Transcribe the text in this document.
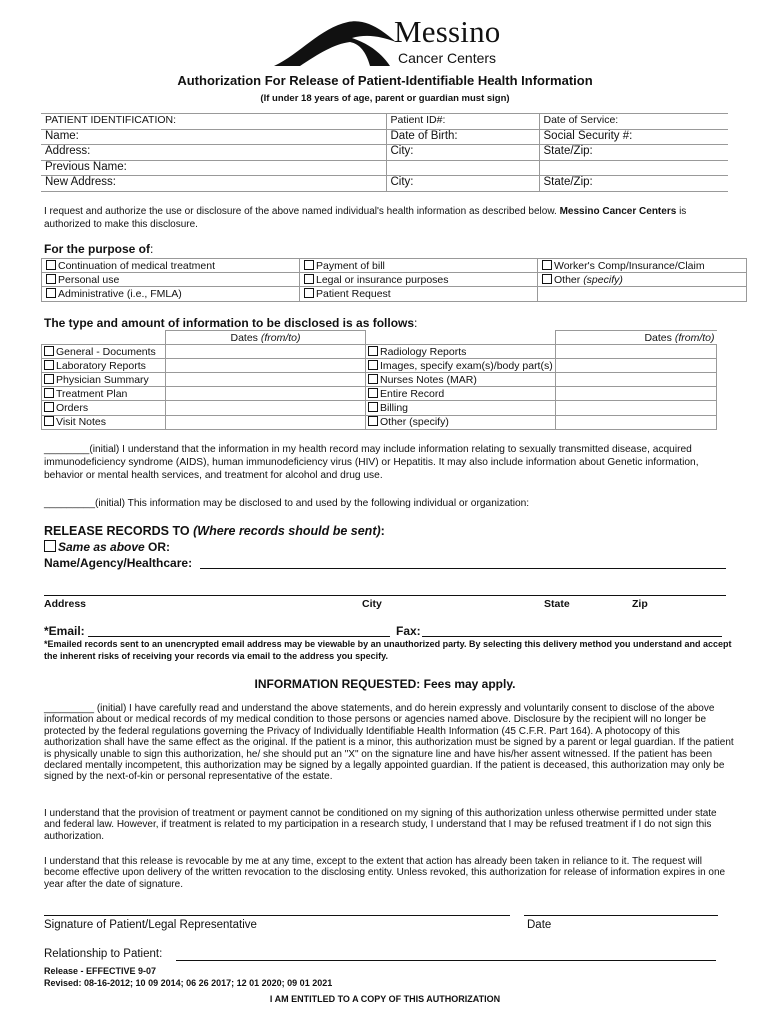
Messino
Cancer Centers
Authorization For Release of Patient-Identifiable Health Information
(If under 18 years of age, parent or guardian must sign)
PATIENT IDENTIFICATION:	Patient ID#:	Date of Service:
Name:	Date of Birth:	Social Security #:
Address:	City:	State/Zip:
Previous Name:		
New Address:	City:	State/Zip:
I request and authorize the use or disclosure of the above named individual's health information as described below. Messino Cancer Centers is authorized to make this disclosure.
For the purpose of:
Continuation of medical treatment	Payment of bill	Worker's Comp/Insurance/Claim
Personal use	Legal or insurance purposes	Other (specify)
Administrative (i.e., FMLA)	Patient Request	
The type and amount of information to be disclosed is as follows:
	Dates (from/to)		Dates (from/to)
General - Documents		Radiology Reports	
Laboratory Reports		Images, specify exam(s)/body part(s)	
Physician Summary		Nurses Notes (MAR)	
Treatment Plan		Entire Record	
Orders		Billing	
Visit Notes		Other (specify)	
________(initial) I understand that the information in my health record may include information relating to sexually transmitted disease, acquired immunodeficiency syndrome (AIDS), human immunodeficiency virus (HIV) or Hepatitis. It may also include information about Genetic information, behavior or mental health services, and treatment for alcohol and drug use.
_________(initial) This information may be disclosed to and used by the following individual or organization:
RELEASE RECORDS TO (Where records should be sent):
Same as above OR:
Name/Agency/Healthcare:
Address	City	State	Zip
*Email:	Fax:
*Emailed records sent to an unencrypted email address may be viewable by an unauthorized party. By selecting this delivery method you understand and accept the inherent risks of receiving your records via email to the address you specify.
INFORMATION REQUESTED: Fees may apply.
_________ (initial) I have carefully read and understand the above statements, and do herein expressly and voluntarily consent to disclose of the above information about or medical records of my medical condition to those persons or agencies named above. Disclosure by the recipient will no longer be protected by the federal regulations governing the Privacy of Individually Identifiable Health Information (45 C.F.R. Part 164). A photocopy of this authorization shall have the same effect as the original. If the patient is a minor, this authorization must be signed by a parent or legal guardian. If the patient is physically unable to sign this authorization, he/ she should put an "X" on the signature line and have his/her assent witnessed. If the patient has been declared mentally incompetent, this authorization may be signed by a legally appointed guardian. If the patient is deceased, this authorization may only be signed by the next-of-kin or personal representative of the estate.
I understand that the provision of treatment or payment cannot be conditioned on my signing of this authorization unless otherwise permitted under state and federal law. However, if treatment is related to my participation in a research study, I understand that I may be refused treatment if I do not sign this authorization.
I understand that this release is revocable by me at any time, except to the extent that action has already been taken in reliance to it. The request will become effective upon delivery of the written revocation to the disclosing entity. Unless revoked, this authorization for release of information expires in one year after the date of signature.
Signature of Patient/Legal Representative	Date
Relationship to Patient:
Release - EFFECTIVE 9-07
Revised: 08-16-2012; 10 09 2014; 06 26 2017; 12 01 2020; 09 01 2021
I AM ENTITLED TO A COPY OF THIS AUTHORIZATION
